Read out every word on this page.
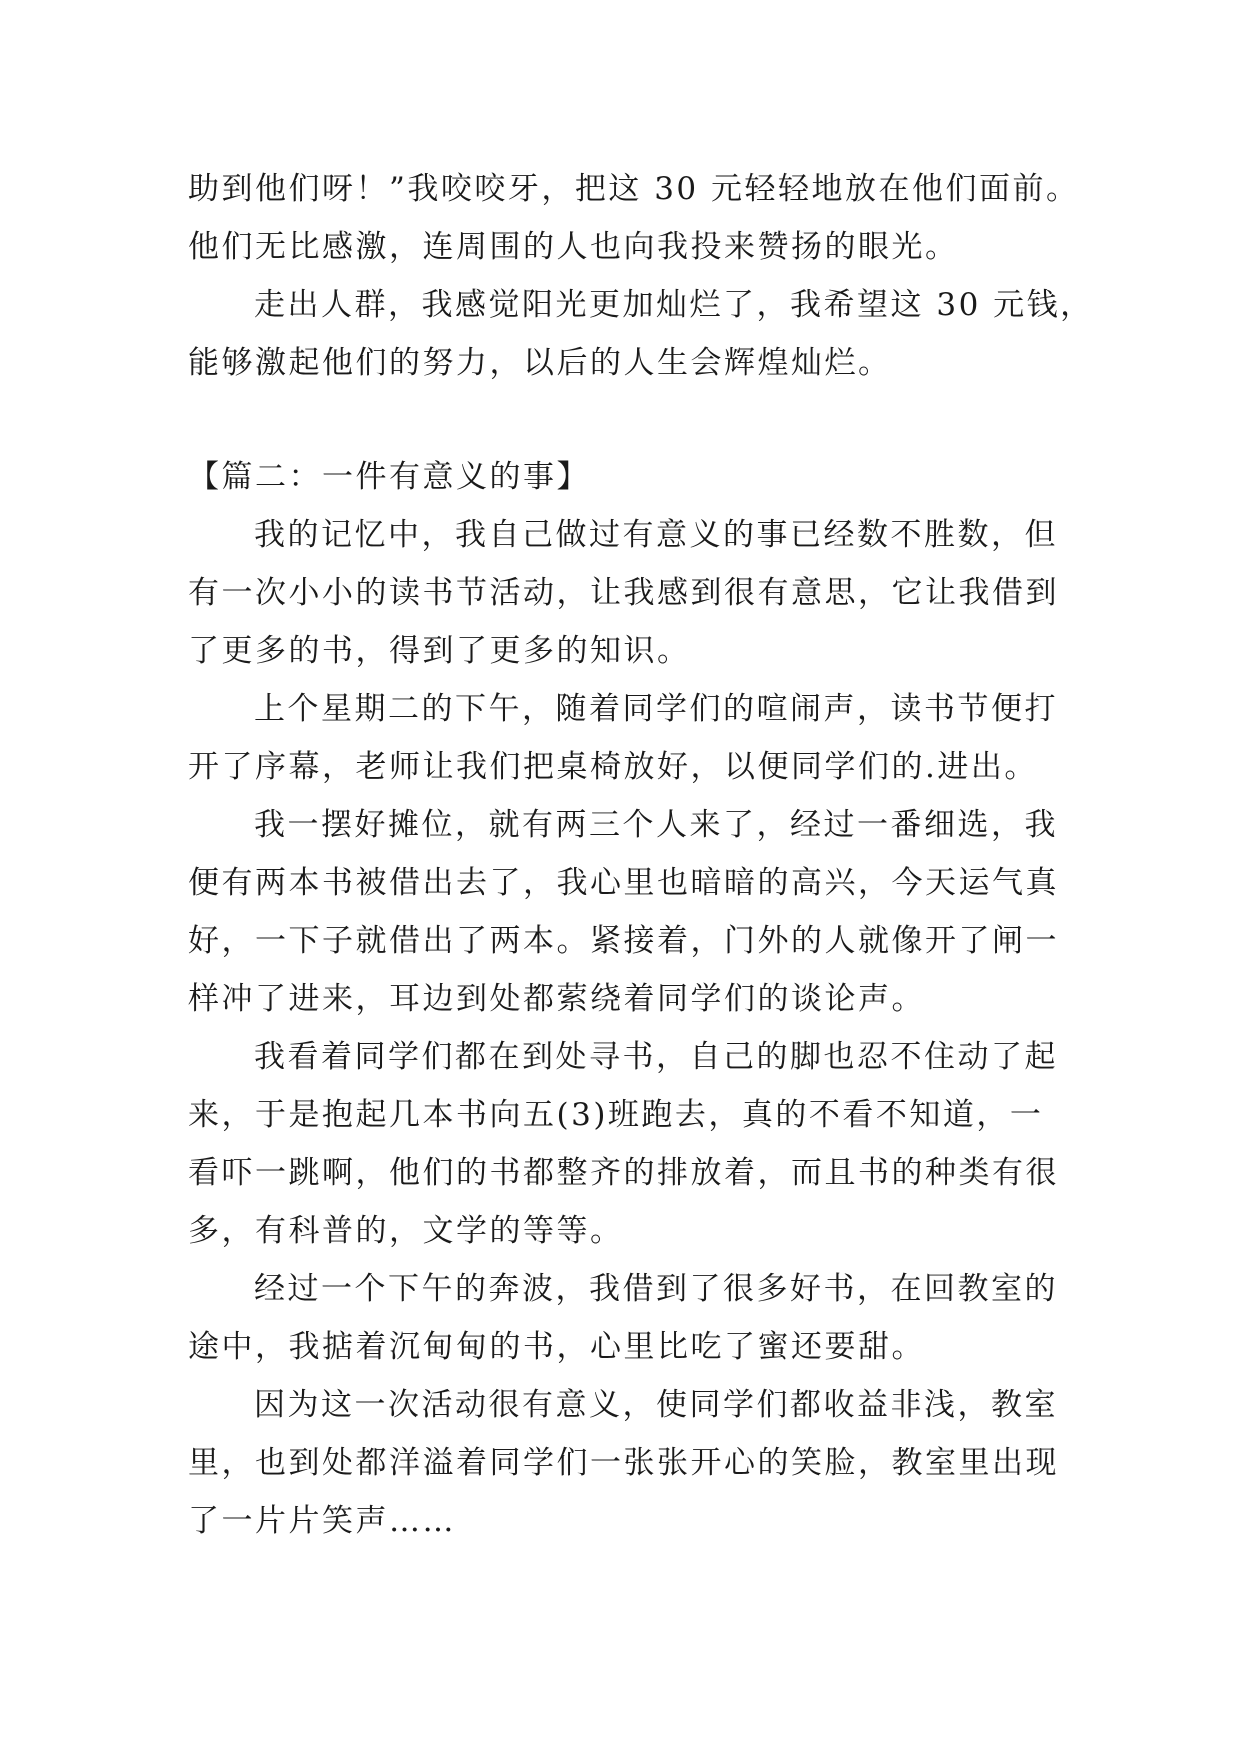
助到他们呀！”我咬咬牙，把这 30 元轻轻地放在他们面前。
他们无比感激，连周围的人也向我投来赞扬的眼光。
走出人群，我感觉阳光更加灿烂了，我希望这 30 元钱，
能够激起他们的努力，以后的人生会辉煌灿烂。
【篇二：一件有意义的事】
我的记忆中，我自己做过有意义的事已经数不胜数，但
有一次小小的读书节活动，让我感到很有意思，它让我借到
了更多的书，得到了更多的知识。
上个星期二的下午，随着同学们的喧闹声，读书节便打
开了序幕，老师让我们把桌椅放好，以便同学们的.进出。
我一摆好摊位，就有两三个人来了，经过一番细选，我
便有两本书被借出去了，我心里也暗暗的高兴，今天运气真
好，一下子就借出了两本。紧接着，门外的人就像开了闸一
样冲了进来，耳边到处都萦绕着同学们的谈论声。
我看着同学们都在到处寻书，自己的脚也忍不住动了起
来，于是抱起几本书向五(3)班跑去，真的不看不知道，一
看吓一跳啊，他们的书都整齐的排放着，而且书的种类有很
多，有科普的，文学的等等。
经过一个下午的奔波，我借到了很多好书，在回教室的
途中，我掂着沉甸甸的书，心里比吃了蜜还要甜。
因为这一次活动很有意义，使同学们都收益非浅，教室
里，也到处都洋溢着同学们一张张开心的笑脸，教室里出现
了一片片笑声……
